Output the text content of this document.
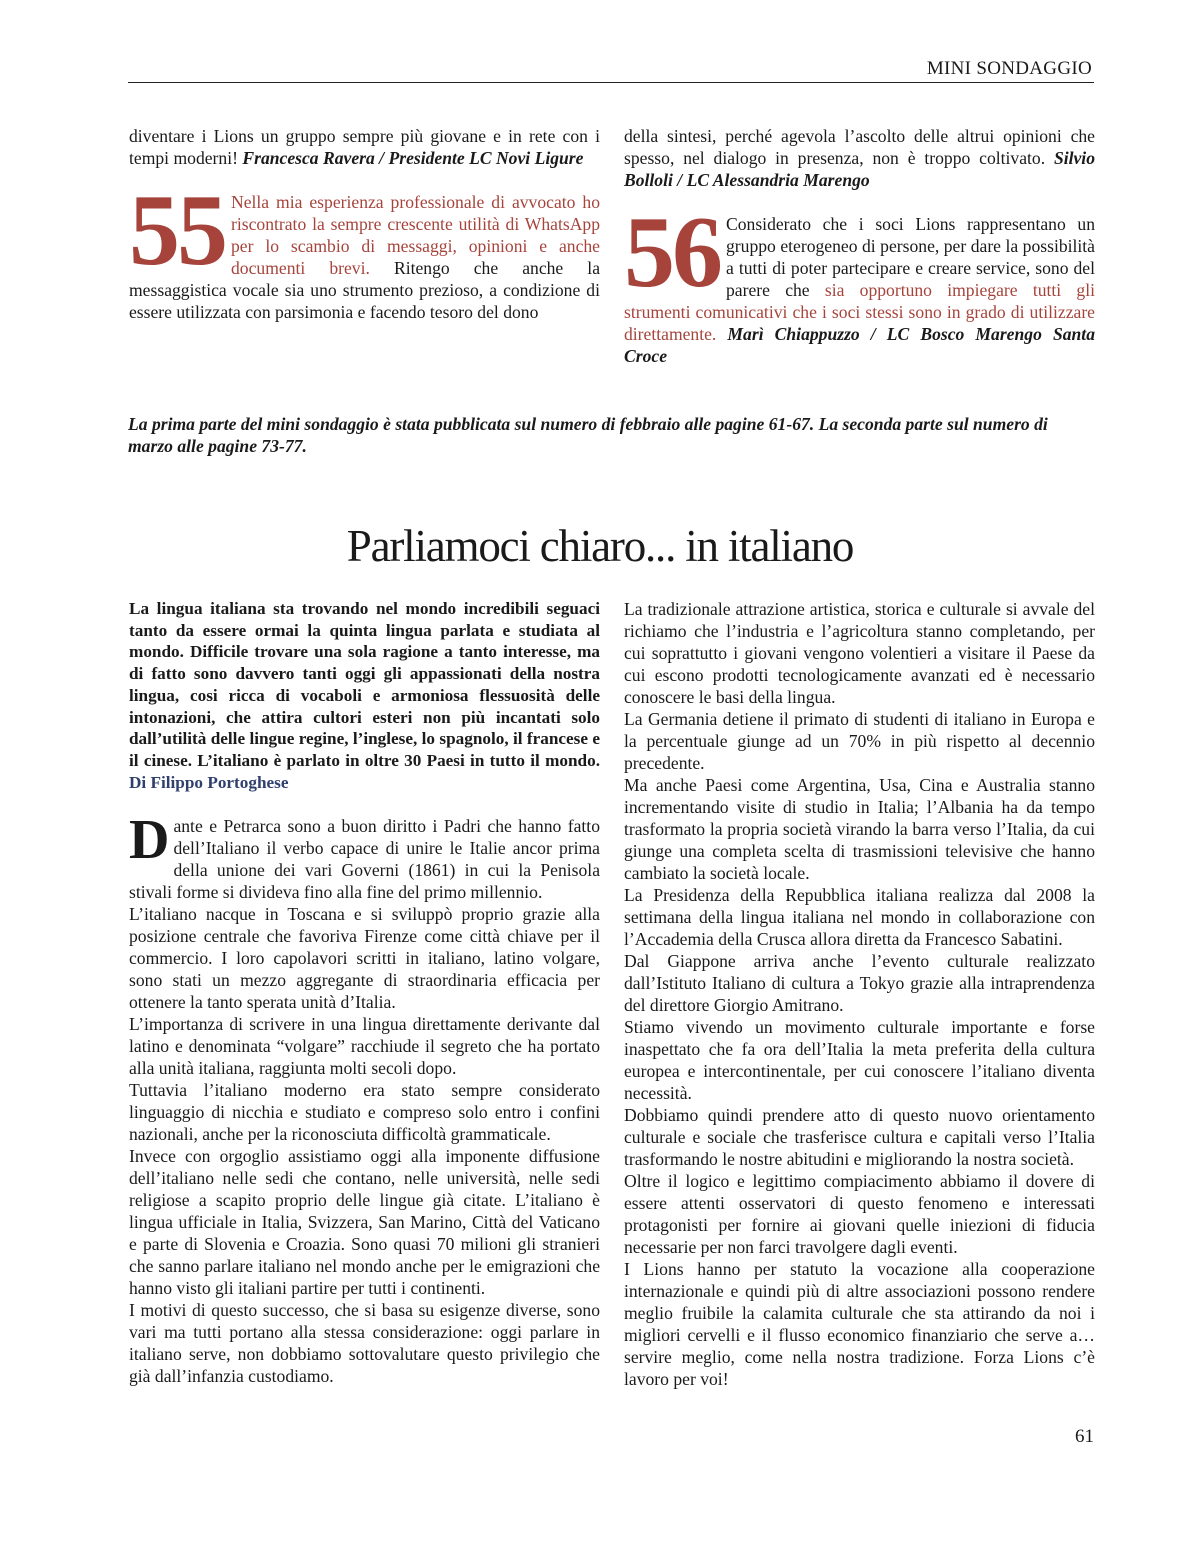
MINI SONDAGGIO

diventare i Lions un gruppo sempre più giovane e in rete con i tempi moderni! Francesca Ravera / Presidente LC Novi Ligure

55 Nella mia esperienza professionale di avvocato ho riscontrato la sempre crescente utilità di WhatsApp per lo scambio di messaggi, opinioni e anche documenti brevi. Ritengo che anche la messaggistica vocale sia uno strumento prezioso, a condizione di essere utilizzata con parsimonia e facendo tesoro del dono

della sintesi, perché agevola l’ascolto delle altrui opinioni che spesso, nel dialogo in presenza, non è troppo coltivato. Silvio Bolloli / LC Alessandria Marengo

56 Considerato che i soci Lions rappresentano un gruppo eterogeneo di persone, per dare la possibilità a tutti di poter partecipare e creare service, sono del parere che sia opportuno impiegare tutti gli strumenti comunicativi che i soci stessi sono in grado di utilizzare direttamente. Marì Chiappuzzo / LC Bosco Marengo Santa Croce

La prima parte del mini sondaggio è stata pubblicata sul numero di febbraio alle pagine 61-67. La seconda parte sul numero di marzo alle pagine 73-77.

Parliamoci chiaro... in italiano

La lingua italiana sta trovando nel mondo incredibili seguaci tanto da essere ormai la quinta lingua parlata e studiata al mondo. Difficile trovare una sola ragione a tanto interesse, ma di fatto sono davvero tanti oggi gli appassionati della nostra lingua, cosi ricca di vocaboli e armoniosa flessuosità delle intonazioni, che attira cultori esteri non più incantati solo dall’utilità delle lingue regine, l’inglese, lo spagnolo, il francese e il cinese. L’italiano è parlato in oltre 30 Paesi in tutto il mondo. Di Filippo Portoghese

Dante e Petrarca sono a buon diritto i Padri che hanno fatto dell’Italiano il verbo capace di unire le Italie ancor prima della unione dei vari Governi (1861) in cui la Penisola stivali forme si divideva fino alla fine del primo millennio.

L’italiano nacque in Toscana e si sviluppò proprio grazie alla posizione centrale che favoriva Firenze come città chiave per il commercio. I loro capolavori scritti in italiano, latino volgare, sono stati un mezzo aggregante di straordinaria efficacia per ottenere la tanto sperata unità d’Italia.

L’importanza di scrivere in una lingua direttamente derivante dal latino e denominata “volgare” racchiude il segreto che ha portato alla unità italiana, raggiunta molti secoli dopo.

Tuttavia l’italiano moderno era stato sempre considerato linguaggio di nicchia e studiato e compreso solo entro i confini nazionali, anche per la riconosciuta difficoltà grammaticale.

Invece con orgoglio assistiamo oggi alla imponente diffusione dell’italiano nelle sedi che contano, nelle università, nelle sedi religiose a scapito proprio delle lingue già citate. L’italiano è lingua ufficiale in Italia, Svizzera, San Marino, Città del Vaticano e parte di Slovenia e Croazia. Sono quasi 70 milioni gli stranieri che sanno parlare italiano nel mondo anche per le emigrazioni che hanno visto gli italiani partire per tutti i continenti.

I motivi di questo successo, che si basa su esigenze diverse, sono vari ma tutti portano alla stessa considerazione: oggi parlare in italiano serve, non dobbiamo sottovalutare questo privilegio che già dall’infanzia custodiamo.

La tradizionale attrazione artistica, storica e culturale si avvale del richiamo che l’industria e l’agricoltura stanno completando, per cui soprattutto i giovani vengono volentieri a visitare il Paese da cui escono prodotti tecnologicamente avanzati ed è necessario conoscere le basi della lingua.

La Germania detiene il primato di studenti di italiano in Europa e la percentuale giunge ad un 70% in più rispetto al decennio precedente.

Ma anche Paesi come Argentina, Usa, Cina e Australia stanno incrementando visite di studio in Italia; l’Albania ha da tempo trasformato la propria società virando la barra verso l’Italia, da cui giunge una completa scelta di trasmissioni televisive che hanno cambiato la società locale.

La Presidenza della Repubblica italiana realizza dal 2008 la settimana della lingua italiana nel mondo in collaborazione con l’Accademia della Crusca allora diretta da Francesco Sabatini.

Dal Giappone arriva anche l’evento culturale realizzato dall’Istituto Italiano di cultura a Tokyo grazie alla intraprendenza del direttore Giorgio Amitrano.

Stiamo vivendo un movimento culturale importante e forse inaspettato che fa ora dell’Italia la meta preferita della cultura europea e intercontinentale, per cui conoscere l’italiano diventa necessità.

Dobbiamo quindi prendere atto di questo nuovo orientamento culturale e sociale che trasferisce cultura e capitali verso l’Italia trasformando le nostre abitudini e migliorando la nostra società.

Oltre il logico e legittimo compiacimento abbiamo il dovere di essere attenti osservatori di questo fenomeno e interessati protagonisti per fornire ai giovani quelle iniezioni di fiducia necessarie per non farci travolgere dagli eventi.

I Lions hanno per statuto la vocazione alla cooperazione internazionale e quindi più di altre associazioni possono rendere meglio fruibile la calamita culturale che sta attirando da noi i migliori cervelli e il flusso economico finanziario che serve a… servire meglio, come nella nostra tradizione. Forza Lions c’è lavoro per voi!

61
